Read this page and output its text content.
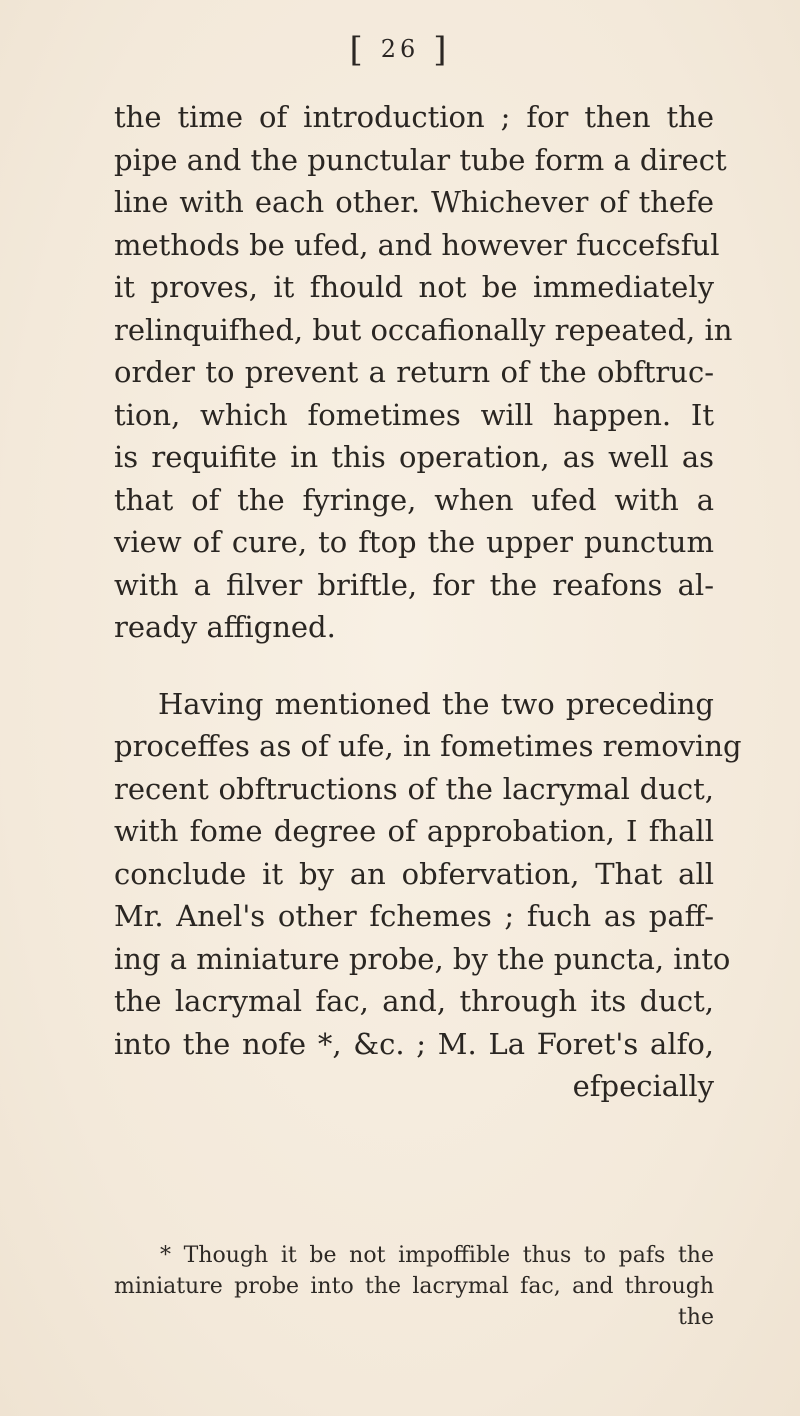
[ 26 ]
the time of introduction ; for then the
pipe and the punctular tube form a direct
line with each other. Whichever of thefe
methods be ufed, and however fuccefsful
it proves, it fhould not be immediately
relinquifhed, but occafionally repeated, in
order to prevent a return of the obftruc-
tion, which fometimes will happen. It
is requifite in this operation, as well as
that of the fyringe, when ufed with a
view of cure, to ftop the upper punctum
with a filver briftle, for the reafons al-
ready affigned.
Having mentioned the two preceding
proceffes as of ufe, in fometimes removing
recent obftructions of the lacrymal duct,
with fome degree of approbation, I fhall
conclude it by an obfervation, That all
Mr. Anel's other fchemes ; fuch as paff-
ing a miniature probe, by the puncta, into
the lacrymal fac, and, through its duct,
into the nofe *, &c. ; M. La Foret's alfo,
efpecially
* Though it be not impoffible thus to pafs the
miniature probe into the lacrymal fac, and through
the
